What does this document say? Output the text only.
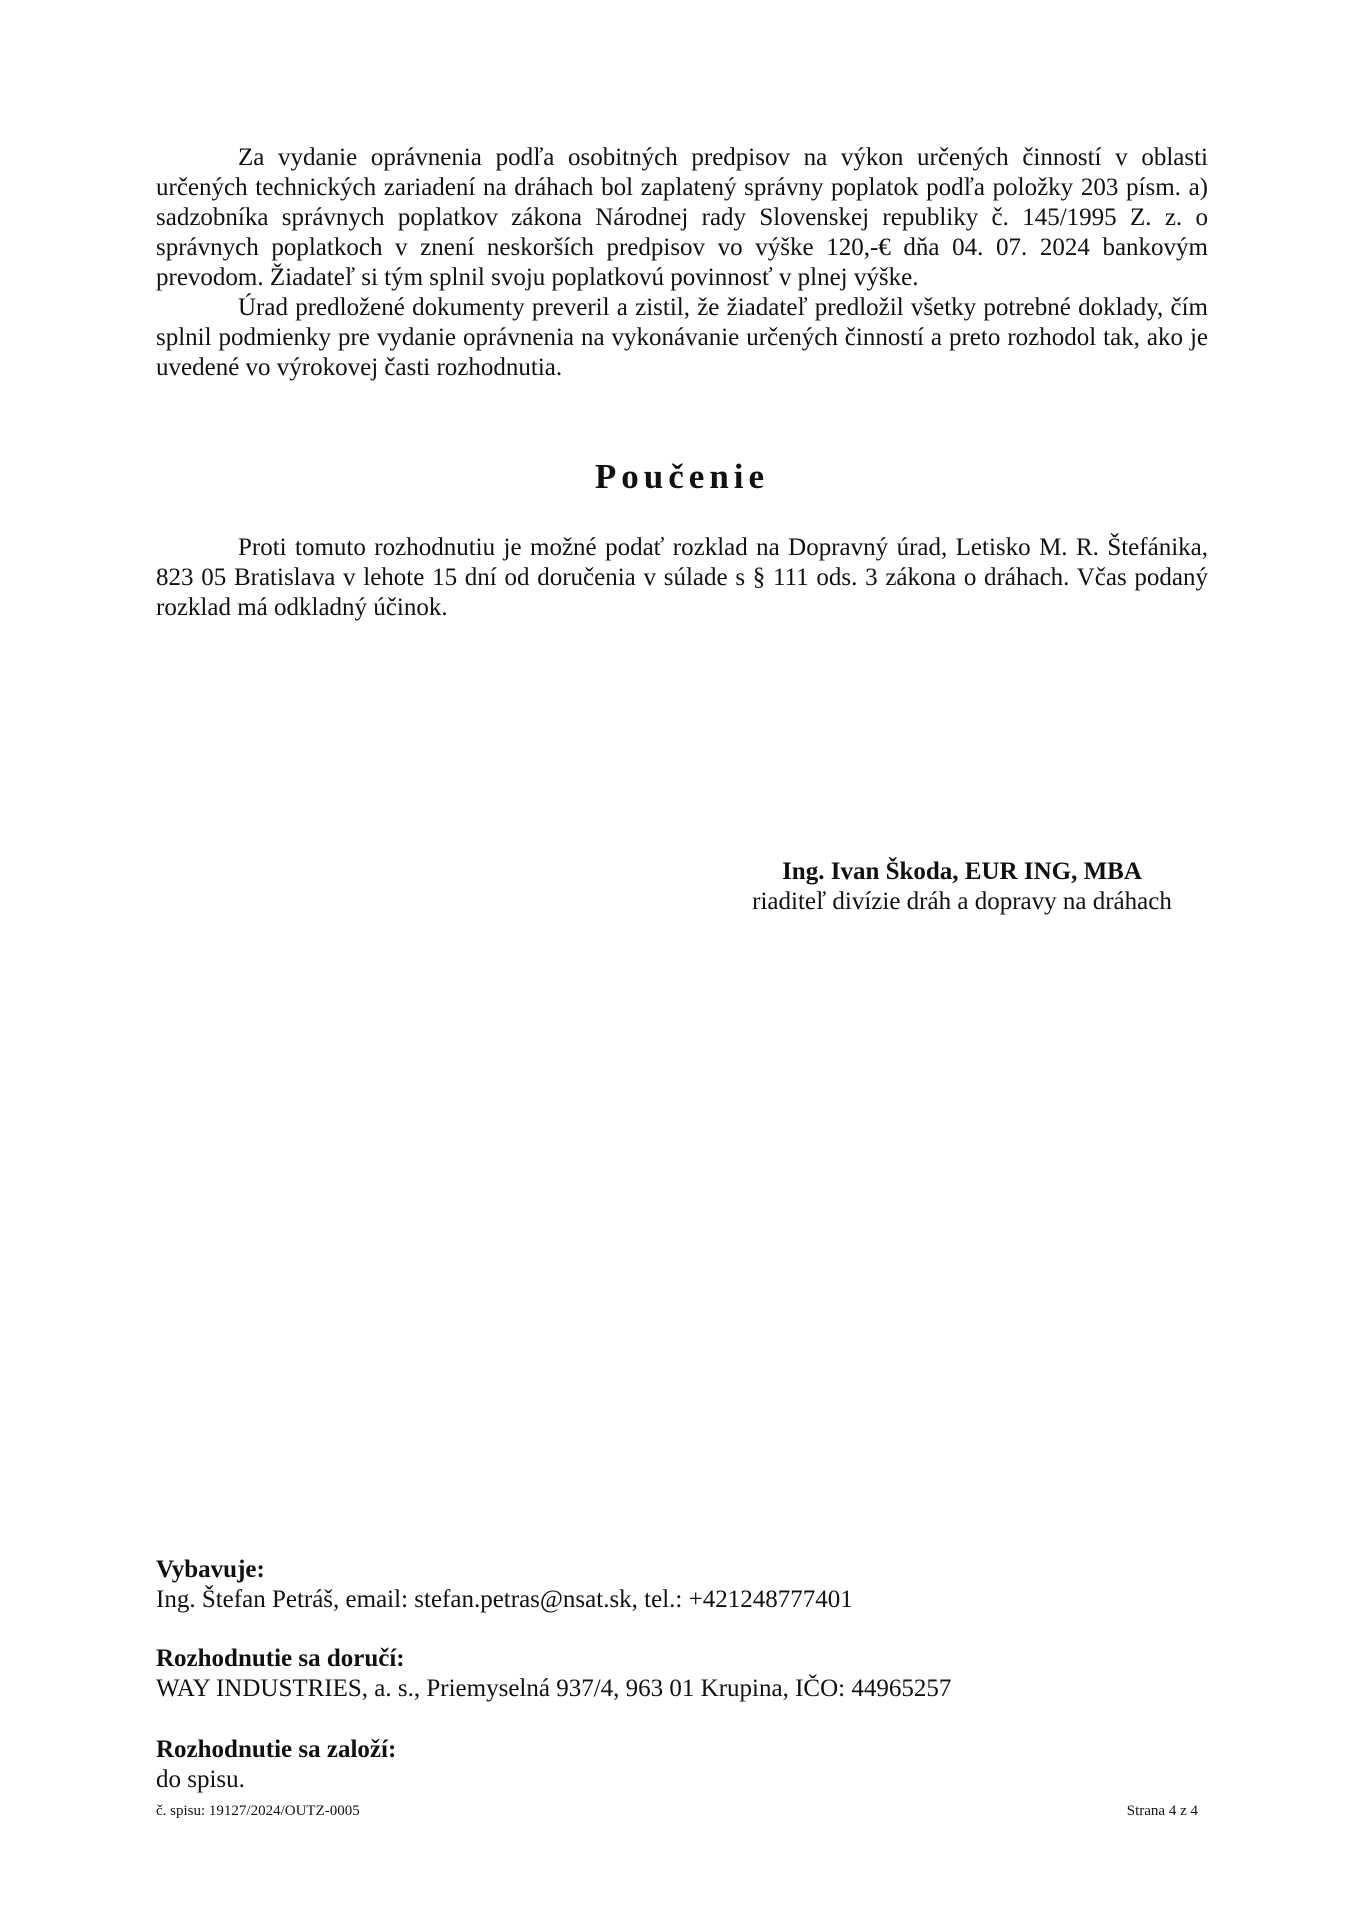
Za vydanie oprávnenia podľa osobitných predpisov na výkon určených činností v oblasti určených technických zariadení na dráhach bol zaplatený správny poplatok podľa položky 203 písm. a) sadzobníka správnych poplatkov zákona Národnej rady Slovenskej republiky č. 145/1995 Z. z. o správnych poplatkoch v znení neskorších predpisov vo výške 120,-€ dňa 04. 07. 2024 bankovým prevodom. Žiadateľ si tým splnil svoju poplatkovú povinnosť v plnej výške.

Úrad predložené dokumenty preveril a zistil, že žiadateľ predložil všetky potrebné doklady, čím splnil podmienky pre vydanie oprávnenia na vykonávanie určených činností a preto rozhodol tak, ako je uvedené vo výrokovej časti rozhodnutia.

Poučenie

Proti tomuto rozhodnutiu je možné podať rozklad na Dopravný úrad, Letisko M. R. Štefánika, 823 05 Bratislava v lehote 15 dní od doručenia v súlade s § 111 ods. 3 zákona o dráhach. Včas podaný rozklad má odkladný účinok.

Ing. Ivan Škoda, EUR ING, MBA

riaditeľ divízie dráh a dopravy na dráhach

Vybavuje:

Ing. Štefan Petráš, email: stefan.petras@nsat.sk, tel.: +421248777401

Rozhodnutie sa doručí:

WAY INDUSTRIES, a. s., Priemyselná 937/4, 963 01 Krupina, IČO: 44965257

Rozhodnutie sa založí:

do spisu.

č. spisu: 19127/2024/OUTZ-0005	Strana 4 z 4
